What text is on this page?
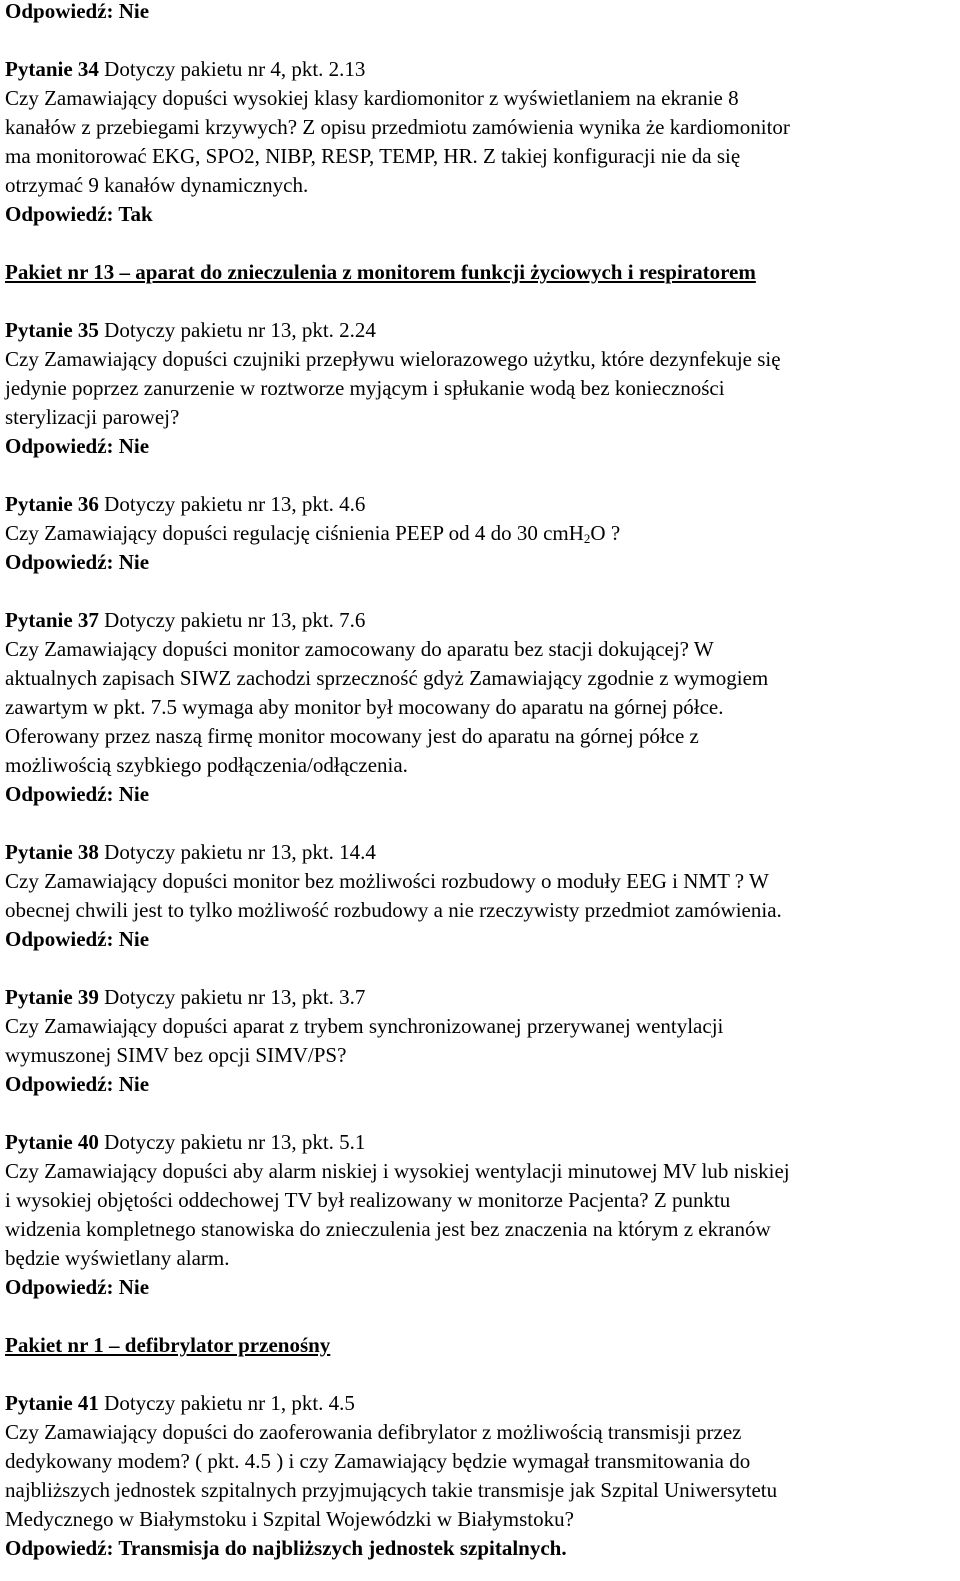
Odpowiedź: Nie
Pytanie 34 Dotyczy pakietu nr 4, pkt. 2.13
Czy Zamawiający dopuści wysokiej klasy kardiomonitor z wyświetlaniem na ekranie 8
kanałów z przebiegami krzywych? Z opisu przedmiotu zamówienia wynika że kardiomonitor
ma monitorować EKG, SPO2, NIBP, RESP, TEMP, HR. Z takiej konfiguracji nie da się
otrzymać 9 kanałów dynamicznych.
Odpowiedź: Tak
Pakiet nr 13 – aparat do znieczulenia z monitorem funkcji życiowych i respiratorem
Pytanie 35 Dotyczy pakietu nr 13, pkt. 2.24
Czy Zamawiający dopuści czujniki przepływu wielorazowego użytku, które dezynfekuje się
jedynie poprzez zanurzenie w roztworze myjącym i spłukanie wodą bez konieczności
sterylizacji parowej?
Odpowiedź: Nie
Pytanie 36 Dotyczy pakietu nr 13, pkt. 4.6
Czy Zamawiający dopuści regulację ciśnienia PEEP od 4 do 30 cmH$_2$O ?
Odpowiedź: Nie
Pytanie 37 Dotyczy pakietu nr 13, pkt. 7.6
Czy Zamawiający dopuści monitor zamocowany do aparatu bez stacji dokującej? W
aktualnych zapisach SIWZ zachodzi sprzeczność gdyż Zamawiający zgodnie z wymogiem
zawartym w pkt. 7.5 wymaga aby monitor był mocowany do aparatu na górnej półce.
Oferowany przez naszą firmę monitor mocowany jest do aparatu na górnej półce z
możliwością szybkiego podłączenia/odłączenia.
Odpowiedź: Nie
Pytanie 38 Dotyczy pakietu nr 13, pkt. 14.4
Czy Zamawiający dopuści monitor bez możliwości rozbudowy o moduły EEG i NMT ? W
obecnej chwili jest to tylko możliwość rozbudowy a nie rzeczywisty przedmiot zamówienia.
Odpowiedź: Nie
Pytanie 39 Dotyczy pakietu nr 13, pkt. 3.7
Czy Zamawiający dopuści aparat z trybem synchronizowanej przerywanej wentylacji
wymuszonej SIMV bez opcji SIMV/PS?
Odpowiedź: Nie
Pytanie 40 Dotyczy pakietu nr 13, pkt. 5.1
Czy Zamawiający dopuści aby alarm niskiej i wysokiej wentylacji minutowej MV lub niskiej
i wysokiej objętości oddechowej TV był realizowany w monitorze Pacjenta? Z punktu
widzenia kompletnego stanowiska do znieczulenia jest bez znaczenia na którym z ekranów
będzie wyświetlany alarm.
Odpowiedź: Nie
Pakiet nr 1 – defibrylator przenośny
Pytanie 41 Dotyczy pakietu nr 1, pkt. 4.5
Czy Zamawiający dopuści do zaoferowania defibrylator z możliwością transmisji przez
dedykowany modem? ( pkt. 4.5 ) i czy Zamawiający będzie wymagał transmitowania do
najbliższych jednostek szpitalnych przyjmujących takie transmisje jak Szpital Uniwersytetu
Medycznego w Białymstoku i Szpital Wojewódzki w Białymstoku?
Odpowiedź: Transmisja do najbliższych jednostek szpitalnych.
